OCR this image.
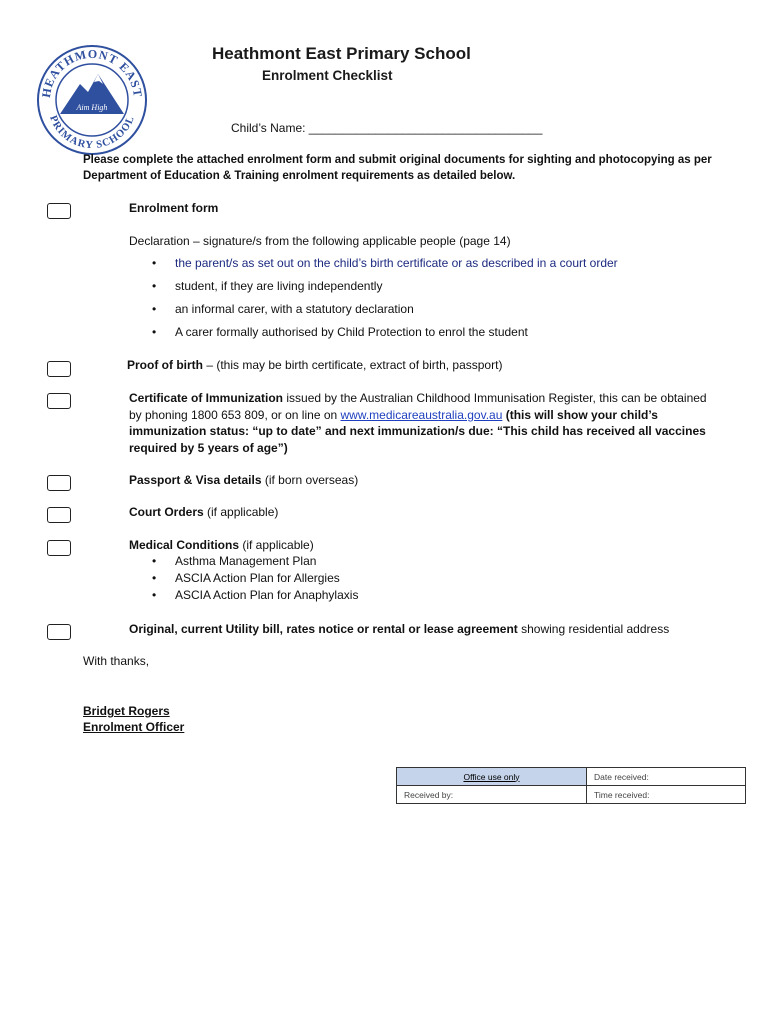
HEATHMONT EAST
PRIMARY SCHOOL
Aim High
Heathmont East Primary School
Enrolment Checklist
Child’s Name: ___________________________________
Please complete the attached enrolment form and submit original documents for sighting and photocopying as per Department of Education & Training enrolment requirements as detailed below.
Enrolment form
Declaration – signature/s from the following applicable people (page 14)
• the parent/s as set out on the child’s birth certificate or as described in a court order
• student, if they are living independently
• an informal carer, with a statutory declaration
• A carer formally authorised by Child Protection to enrol the student
Proof of birth – (this may be birth certificate, extract of birth, passport)
Certificate of Immunization issued by the Australian Childhood Immunisation Register, this can be obtained by phoning 1800 653 809, or on line on www.medicareaustralia.gov.au (this will show your child’s immunization status: “up to date” and next immunization/s due: “This child has received all vaccines required by 5 years of age”)
Passport & Visa details (if born overseas)
Court Orders (if applicable)
Medical Conditions (if applicable)
• Asthma Management Plan
• ASCIA Action Plan for Allergies
• ASCIA Action Plan for Anaphylaxis
Original, current Utility bill, rates notice or rental or lease agreement showing residential address
With thanks,
Bridget Rogers
Enrolment Officer
Office use only	Date received:
Received by:	Time received:
